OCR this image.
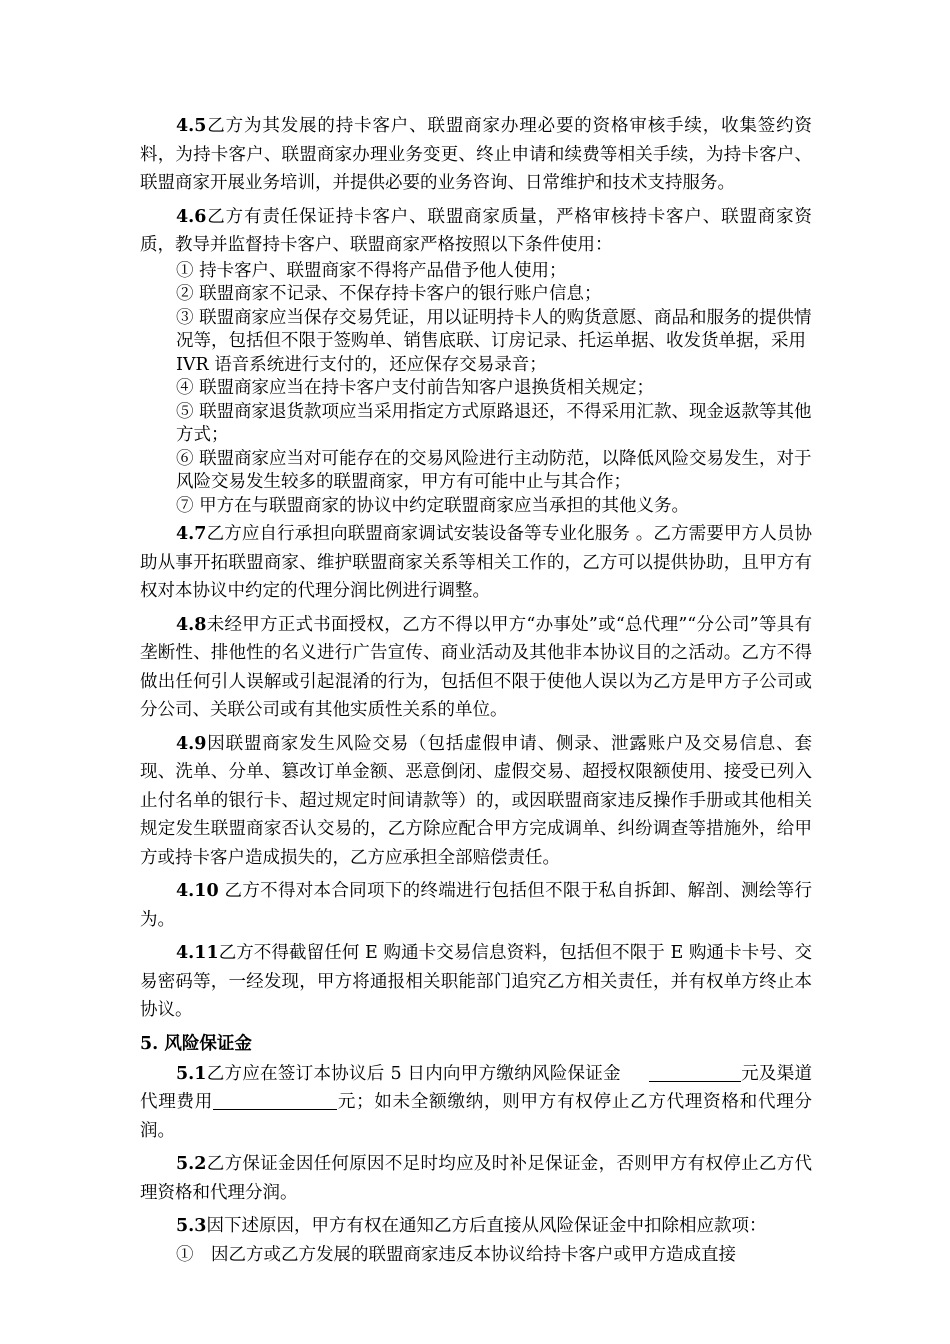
4.5乙方为其发展的持卡客户、联盟商家办理必要的资格审核手续，收集签约资料，为持卡客户、联盟商家办理业务变更、终止申请和续费等相关手续，为持卡客户、联盟商家开展业务培训，并提供必要的业务咨询、日常维护和技术支持服务。

4.6乙方有责任保证持卡客户、联盟商家质量，严格审核持卡客户、联盟商家资质，教导并监督持卡客户、联盟商家严格按照以下条件使用：

① 持卡客户、联盟商家不得将产品借予他人使用；

② 联盟商家不记录、不保存持卡客户的银行账户信息；

③ 联盟商家应当保存交易凭证，用以证明持卡人的购货意愿、商品和服务的提供情况等，包括但不限于签购单、销售底联、订房记录、托运单据、收发货单据，采用 IVR 语音系统进行支付的，还应保存交易录音；

④ 联盟商家应当在持卡客户支付前告知客户退换货相关规定；

⑤ 联盟商家退货款项应当采用指定方式原路退还，不得采用汇款、现金返款等其他方式；

⑥ 联盟商家应当对可能存在的交易风险进行主动防范，以降低风险交易发生，对于风险交易发生较多的联盟商家，甲方有可能中止与其合作；

⑦ 甲方在与联盟商家的协议中约定联盟商家应当承担的其他义务。

4.7乙方应自行承担向联盟商家调试安装设备等专业化服务 。乙方需要甲方人员协助从事开拓联盟商家、维护联盟商家关系等相关工作的，乙方可以提供协助，且甲方有权对本协议中约定的代理分润比例进行调整。

4.8未经甲方正式书面授权，乙方不得以甲方“办事处”或“总代理”“分公司”等具有垄断性、排他性的名义进行广告宣传、商业活动及其他非本协议目的之活动。乙方不得做出任何引人误解或引起混淆的行为，包括但不限于使他人误以为乙方是甲方子公司或分公司、关联公司或有其他实质性关系的单位。

4.9因联盟商家发生风险交易（包括虚假申请、侧录、泄露账户及交易信息、套现、洗单、分单、篡改订单金额、恶意倒闭、虚假交易、超授权限额使用、接受已列入止付名单的银行卡、超过规定时间请款等）的，或因联盟商家违反操作手册或其他相关规定发生联盟商家否认交易的，乙方除应配合甲方完成调单、纠纷调查等措施外，给甲方或持卡客户造成损失的，乙方应承担全部赔偿责任。

4.10 乙方不得对本合同项下的终端进行包括但不限于私自拆卸、解剖、测绘等行为。

4.11乙方不得截留任何 E 购通卡交易信息资料，包括但不限于 E 购通卡卡号、交易密码等，一经发现，甲方将通报相关职能部门追究乙方相关责任，并有权单方终止本协议。

5. 风险保证金

5.1乙方应在签订本协议后 5 日内向甲方缴纳风险保证金	元及渠道代理费用	元；如未全额缴纳，则甲方有权停止乙方代理资格和代理分润。

5.2乙方保证金因任何原因不足时均应及时补足保证金，否则甲方有权停止乙方代理资格和代理分润。

5.3因下述原因，甲方有权在通知乙方后直接从风险保证金中扣除相应款项：

①　因乙方或乙方发展的联盟商家违反本协议给持卡客户或甲方造成直接
